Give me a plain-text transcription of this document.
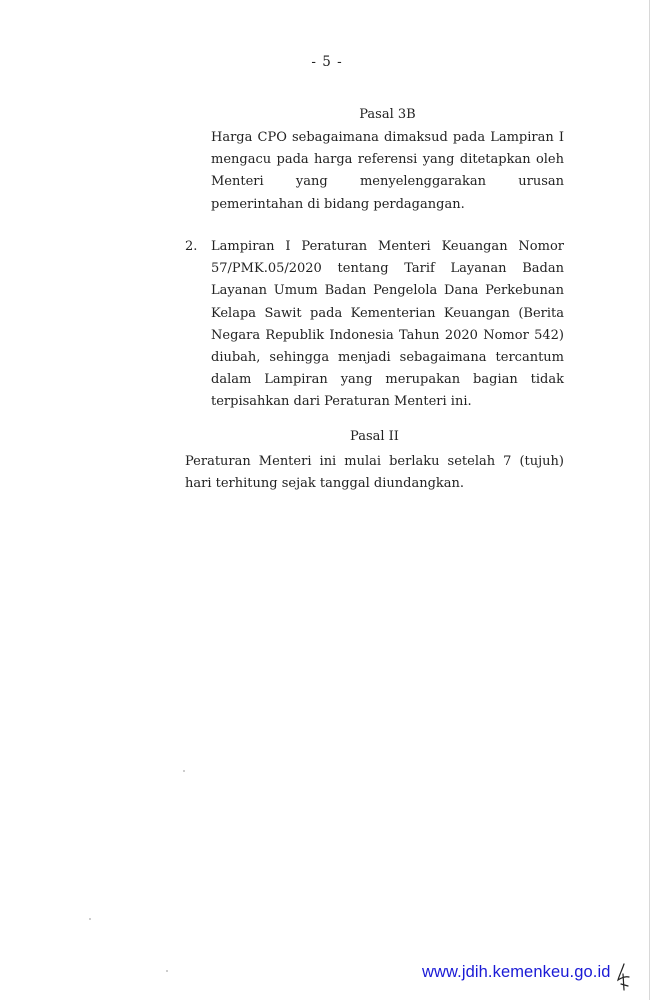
- 5 -
Pasal 3B

Harga CPO sebagaimana dimaksud pada Lampiran I mengacu pada harga referensi yang ditetapkan oleh Menteri yang menyelenggarakan urusan pemerintahan di bidang perdagangan.

2. Lampiran I Peraturan Menteri Keuangan Nomor 57/PMK.05/2020 tentang Tarif Layanan Badan Layanan Umum Badan Pengelola Dana Perkebunan Kelapa Sawit pada Kementerian Keuangan (Berita Negara Republik Indonesia Tahun 2020 Nomor 542) diubah, sehingga menjadi sebagaimana tercantum dalam Lampiran yang merupakan bagian tidak terpisahkan dari Peraturan Menteri ini.

Pasal II

Peraturan Menteri ini mulai berlaku setelah 7 (tujuh) hari terhitung sejak tanggal diundangkan.

www.jdih.kemenkeu.go.id
